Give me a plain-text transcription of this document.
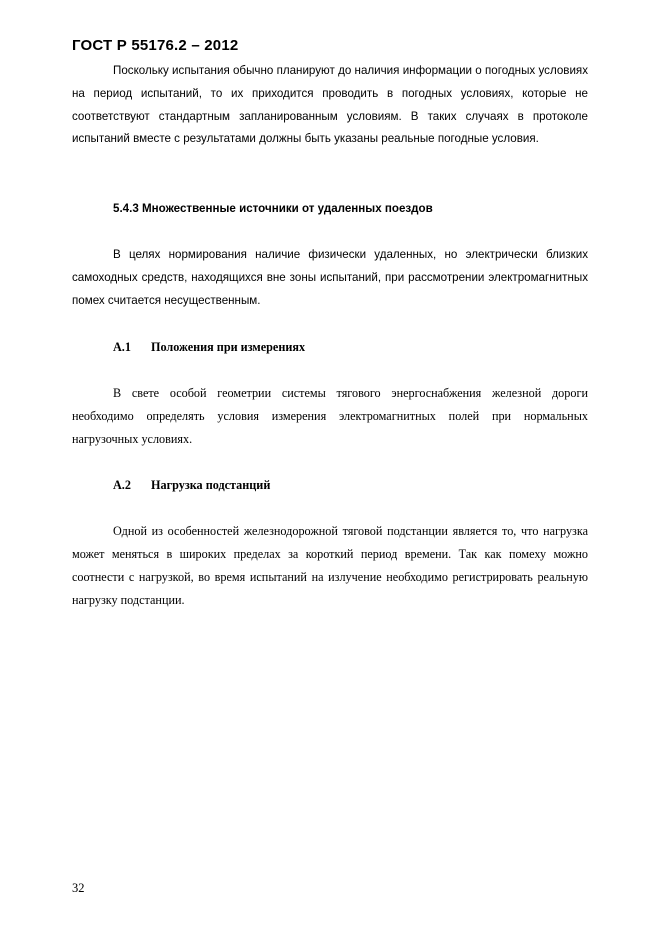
ГОСТ Р 55176.2 – 2012

Поскольку испытания обычно планируют до наличия информации о погодных условиях на период испытаний, то их приходится проводить в погодных условиях, которые не соответствуют стандартным запланированным условиям. В таких случаях в протоколе испытаний вместе с результатами должны быть указаны реальные погодные условия.

5.4.3 Множественные источники от удаленных поездов

В целях нормирования наличие физически удаленных, но электрически близких самоходных средств, находящихся вне зоны испытаний, при рассмотрении электромагнитных помех считается несущественным.

A.1 Положения при измерениях

В свете особой геометрии системы тягового энергоснабжения железной дороги необходимо определять условия измерения электромагнитных полей при нормальных нагрузочных условиях.

A.2 Нагрузка подстанций

Одной из особенностей железнодорожной тяговой подстанции является то, что нагрузка может меняться в широких пределах за короткий период времени. Так как помеху можно соотнести с нагрузкой, во время испытаний на излучение необходимо регистрировать реальную нагрузку подстанции.

32
